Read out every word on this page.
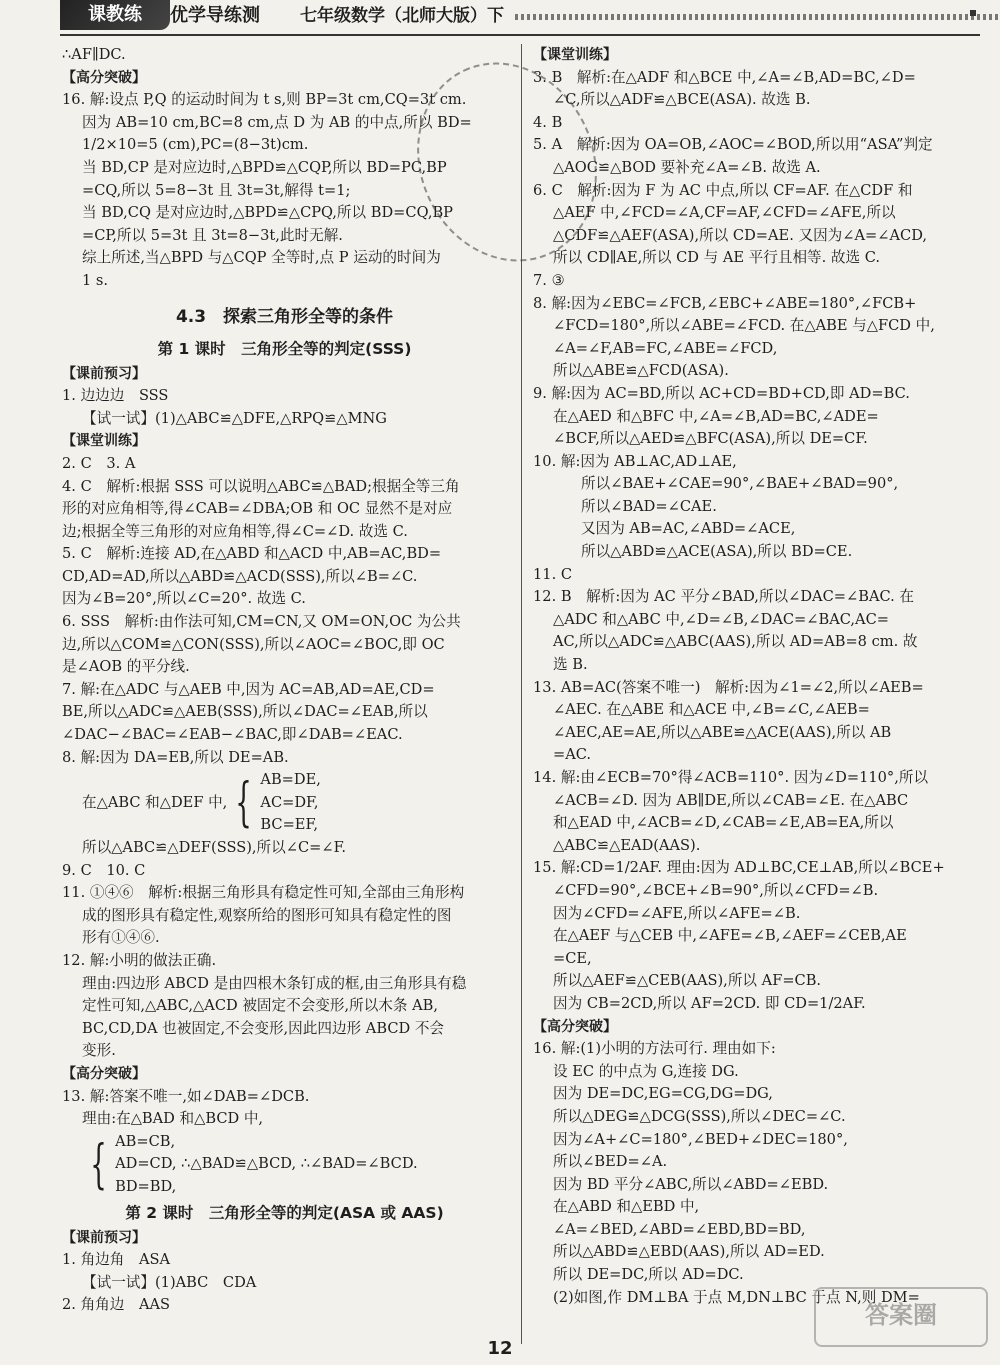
课教练	优学导练测 七年级数学（北师大版）下
∴AF∥DC.
【高分突破】
16. 解:设点 P,Q 的运动时间为 t s,则 BP=3t cm,CQ=3t cm.
因为 AB=10 cm,BC=8 cm,点 D 为 AB 的中点,所以 BD=
1/2×10=5 (cm),PC=(8−3t)cm.
当 BD,CP 是对应边时,△BPD≌△CQP,所以 BD=PC,BP
=CQ,所以 5=8−3t 且 3t=3t,解得 t=1;
当 BD,CQ 是对应边时,△BPD≌△CPQ,所以 BD=CQ,BP
=CP,所以 5=3t 且 3t=8−3t,此时无解.
综上所述,当△BPD 与△CQP 全等时,点 P 运动的时间为
1 s.
4.3　探索三角形全等的条件
第 1 课时　三角形全等的判定(SSS)
【课前预习】
1. 边边边　SSS
【试一试】(1)△ABC≌△DFE,△RPQ≌△MNG
【课堂训练】
2. C　3. A
4. C　解析:根据 SSS 可以说明△ABC≌△BAD;根据全等三角
形的对应角相等,得∠CAB=∠DBA;OB 和 OC 显然不是对应
边;根据全等三角形的对应角相等,得∠C=∠D. 故选 C.
5. C　解析:连接 AD,在△ABD 和△ACD 中,AB=AC,BD=
CD,AD=AD,所以△ABD≌△ACD(SSS),所以∠B=∠C.
因为∠B=20°,所以∠C=20°. 故选 C.
6. SSS　解析:由作法可知,CM=CN,又 OM=ON,OC 为公共
边,所以△COM≌△CON(SSS),所以∠AOC=∠BOC,即 OC
是∠AOB 的平分线.
7. 解:在△ADC 与△AEB 中,因为 AC=AB,AD=AE,CD=
BE,所以△ADC≌△AEB(SSS),所以∠DAC=∠EAB,所以
∠DAC−∠BAC=∠EAB−∠BAC,即∠DAB=∠EAC.
8. 解:因为 DA=EB,所以 DE=AB.
在△ABC 和△DEF 中, { AB=DE,
AC=DF,
BC=EF,
所以△ABC≌△DEF(SSS),所以∠C=∠F.
9. C　10. C
11. ①④⑥　解析:根据三角形具有稳定性可知,全部由三角形构
成的图形具有稳定性,观察所给的图形可知具有稳定性的图
形有①④⑥.
12. 解:小明的做法正确.
理由:四边形 ABCD 是由四根木条钉成的框,由三角形具有稳
定性可知,△ABC,△ACD 被固定不会变形,所以木条 AB,
BC,CD,DA 也被固定,不会变形,因此四边形 ABCD 不会
变形.
【高分突破】
13. 解:答案不唯一,如∠DAB=∠DCB.
理由:在△BAD 和△BCD 中,
{ AB=CB,
AD=CD, ∴△BAD≌△BCD, ∴∠BAD=∠BCD.
BD=BD,
第 2 课时　三角形全等的判定(ASA 或 AAS)
【课前预习】
1. 角边角　ASA
【试一试】(1)ABC　CDA
2. 角角边　AAS
【课堂训练】
3. B　解析:在△ADF 和△BCE 中,∠A=∠B,AD=BC,∠D=
∠C,所以△ADF≌△BCE(ASA). 故选 B.
4. B
5. A　解析:因为 OA=OB,∠AOC=∠BOD,所以用“ASA”判定
△AOC≌△BOD 要补充∠A=∠B. 故选 A.
6. C　解析:因为 F 为 AC 中点,所以 CF=AF. 在△CDF 和
△AEF 中,∠FCD=∠A,CF=AF,∠CFD=∠AFE,所以
△CDF≌△AEF(ASA),所以 CD=AE. 又因为∠A=∠ACD,
所以 CD∥AE,所以 CD 与 AE 平行且相等. 故选 C.
7. ③
8. 解:因为∠EBC=∠FCB,∠EBC+∠ABE=180°,∠FCB+
∠FCD=180°,所以∠ABE=∠FCD. 在△ABE 与△FCD 中,
∠A=∠F,AB=FC,∠ABE=∠FCD,
所以△ABE≌△FCD(ASA).
9. 解:因为 AC=BD,所以 AC+CD=BD+CD,即 AD=BC.
在△AED 和△BFC 中,∠A=∠B,AD=BC,∠ADE=
∠BCF,所以△AED≌△BFC(ASA),所以 DE=CF.
10. 解:因为 AB⊥AC,AD⊥AE,
所以∠BAE+∠CAE=90°,∠BAE+∠BAD=90°,
所以∠BAD=∠CAE.
又因为 AB=AC,∠ABD=∠ACE,
所以△ABD≌△ACE(ASA),所以 BD=CE.
11. C
12. B　解析:因为 AC 平分∠BAD,所以∠DAC=∠BAC. 在
△ADC 和△ABC 中,∠D=∠B,∠DAC=∠BAC,AC=
AC,所以△ADC≌△ABC(AAS),所以 AD=AB=8 cm. 故
选 B.
13. AB=AC(答案不唯一)　解析:因为∠1=∠2,所以∠AEB=
∠AEC. 在△ABE 和△ACE 中,∠B=∠C,∠AEB=
∠AEC,AE=AE,所以△ABE≌△ACE(AAS),所以 AB
=AC.
14. 解:由∠ECB=70°得∠ACB=110°. 因为∠D=110°,所以
∠ACB=∠D. 因为 AB∥DE,所以∠CAB=∠E. 在△ABC
和△EAD 中,∠ACB=∠D,∠CAB=∠E,AB=EA,所以
△ABC≌△EAD(AAS).
15. 解:CD=1/2AF. 理由:因为 AD⊥BC,CE⊥AB,所以∠BCE+
∠CFD=90°,∠BCE+∠B=90°,所以∠CFD=∠B.
因为∠CFD=∠AFE,所以∠AFE=∠B.
在△AEF 与△CEB 中,∠AFE=∠B,∠AEF=∠CEB,AE
=CE,
所以△AEF≌△CEB(AAS),所以 AF=CB.
因为 CB=2CD,所以 AF=2CD. 即 CD=1/2AF.
【高分突破】
16. 解:(1)小明的方法可行. 理由如下:
设 EC 的中点为 G,连接 DG.
因为 DE=DC,EG=CG,DG=DG,
所以△DEG≌△DCG(SSS),所以∠DEC=∠C.
因为∠A+∠C=180°,∠BED+∠DEC=180°,
所以∠BED=∠A.
因为 BD 平分∠ABC,所以∠ABD=∠EBD.
在△ABD 和△EBD 中,
∠A=∠BED,∠ABD=∠EBD,BD=BD,
所以△ABD≌△EBD(AAS),所以 AD=ED.
所以 DE=DC,所以 AD=DC.
(2)如图,作 DM⊥BA 于点 M,DN⊥BC 于点 N,则 DM=
答案圈
12
